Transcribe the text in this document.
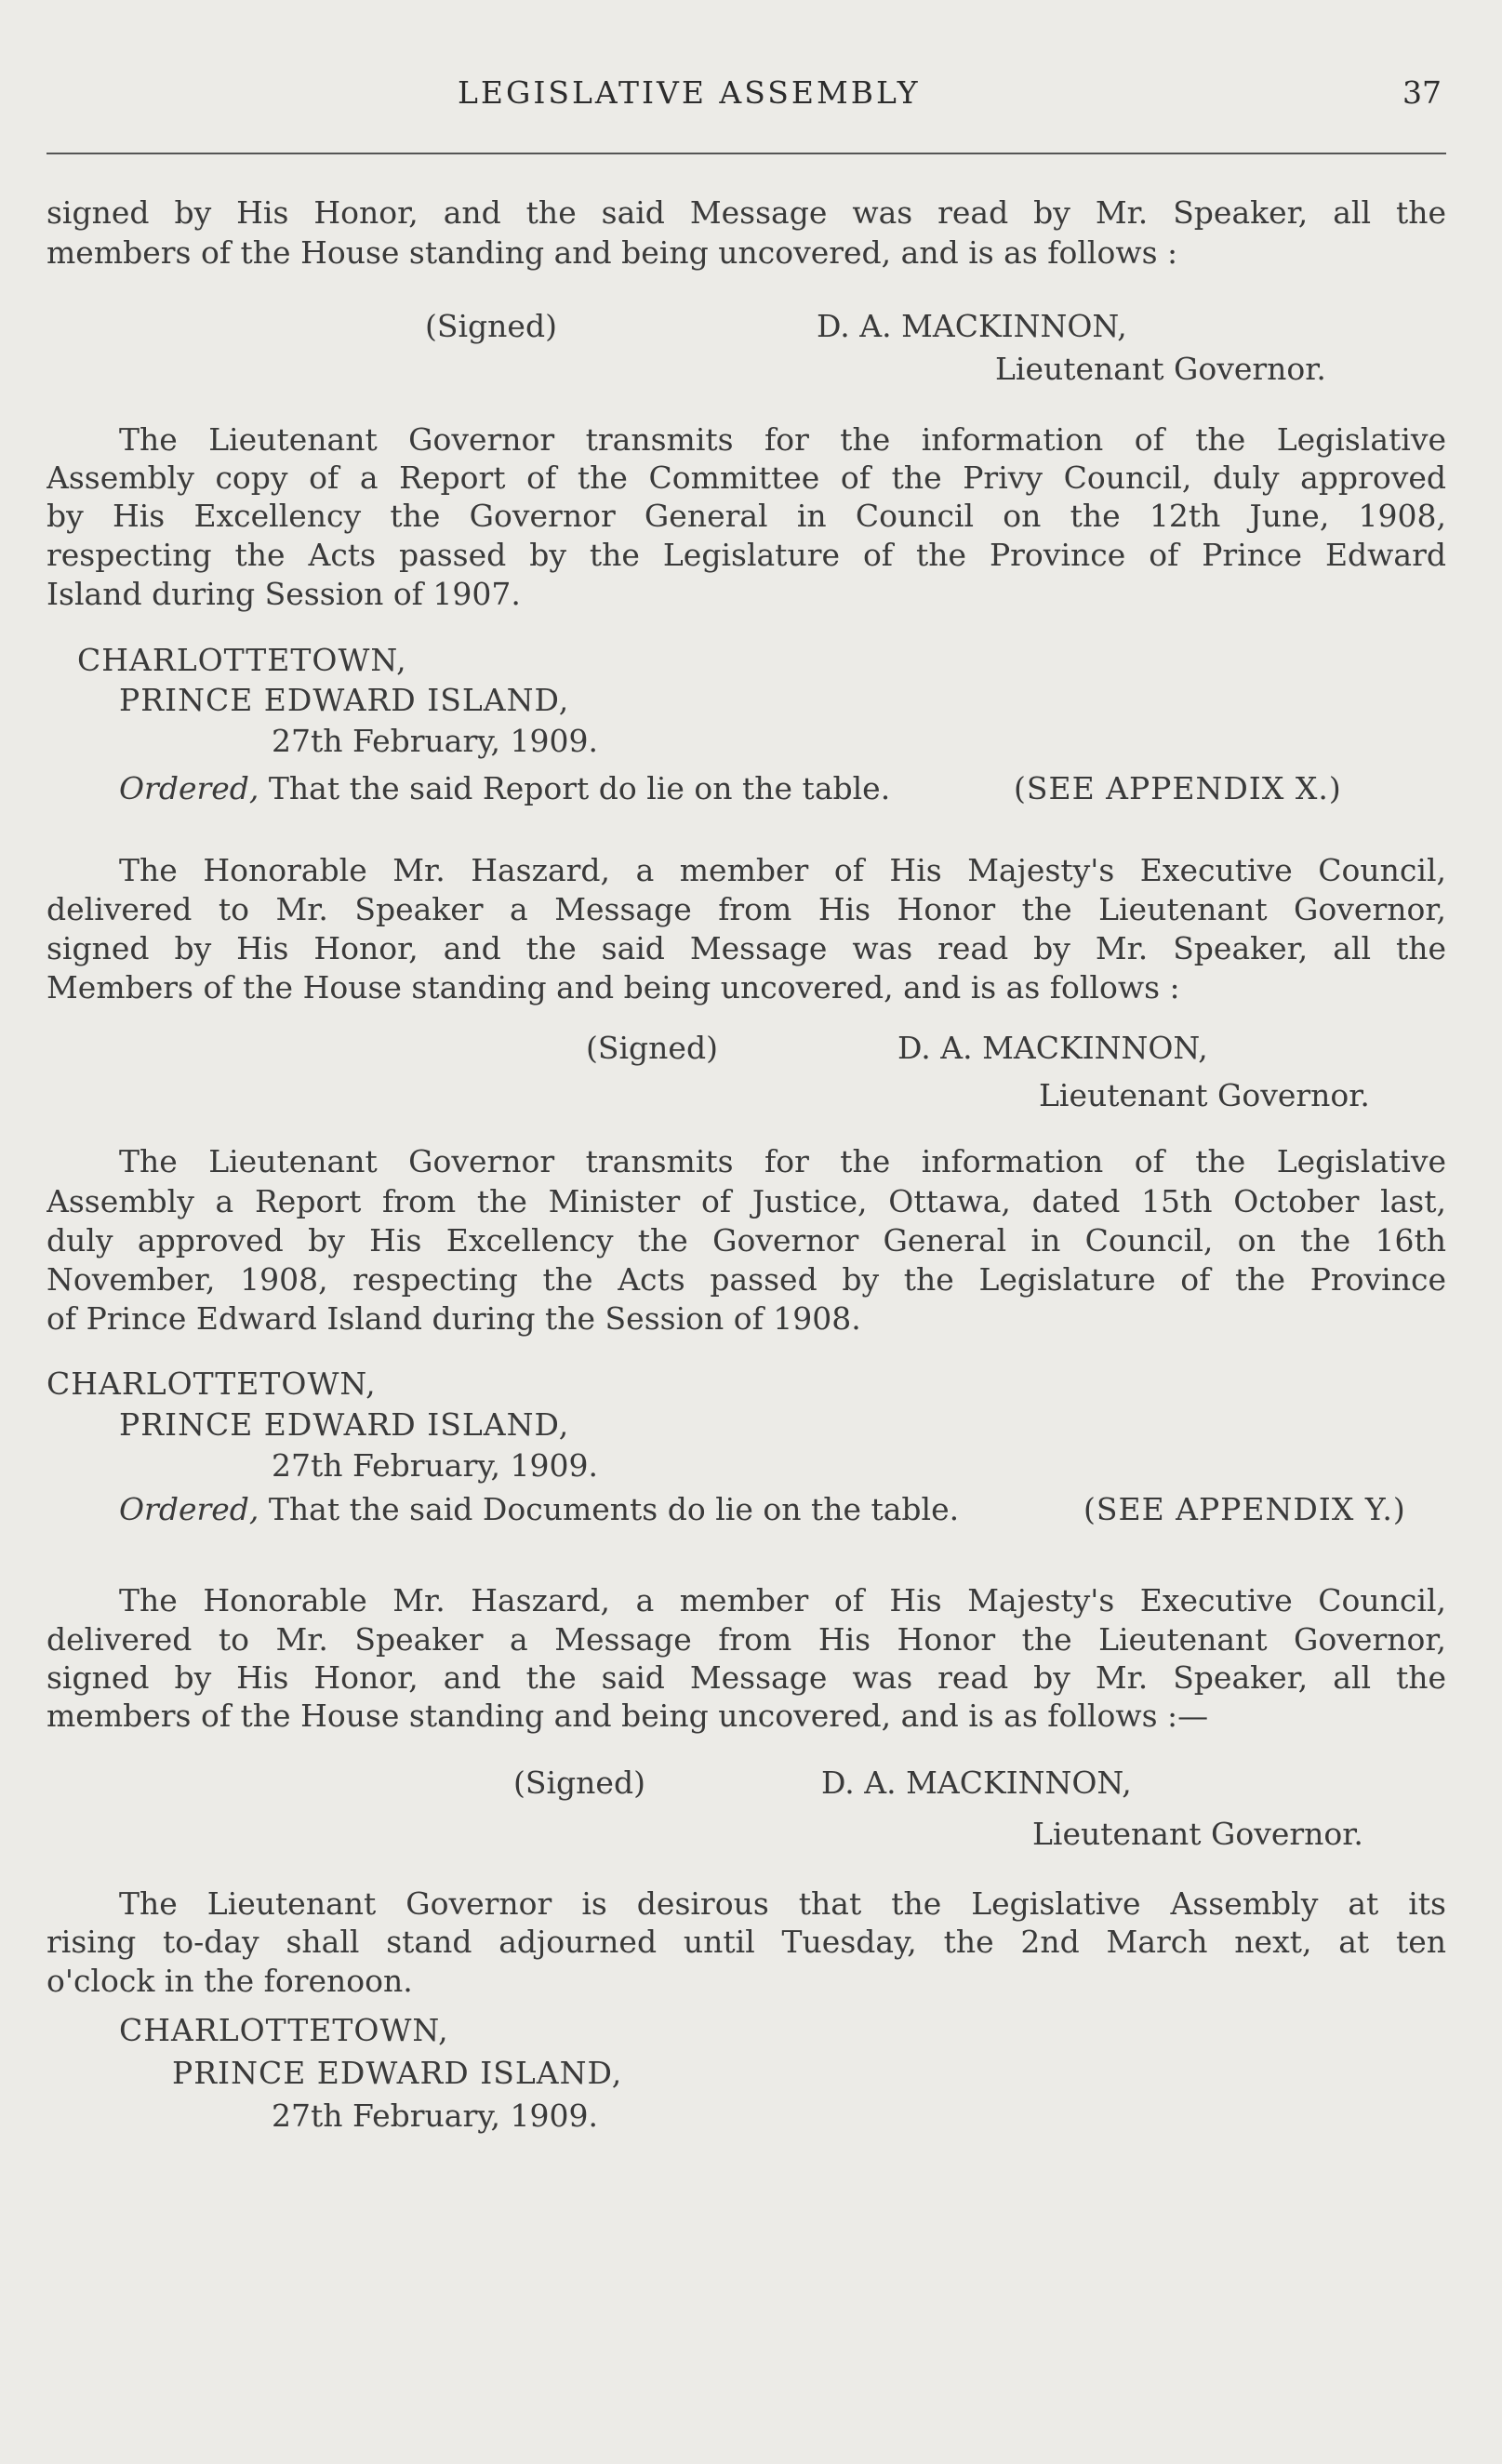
LEGISLATIVE ASSEMBLY	37
signed by His Honor, and the said Message was read by Mr. Speaker, all the
members of the House standing and being uncovered, and is as follows :
(Signed)	D. A. MACKINNON,
Lieutenant Governor.
The Lieutenant Governor transmits for the information of the Legislative
Assembly copy of a Report of the Committee of the Privy Council, duly approved
by His Excellency the Governor General in Council on the 12th June, 1908,
respecting the Acts passed by the Legislature of the Province of Prince Edward
Island during Session of 1907.
CHARLOTTETOWN,
PRINCE EDWARD ISLAND,
27th February, 1909.
Ordered, That the said Report do lie on the table.	(SEE APPENDIX X.)
The Honorable Mr. Haszard, a member of His Majesty's Executive Council,
delivered to Mr. Speaker a Message from His Honor the Lieutenant Governor,
signed by His Honor, and the said Message was read by Mr. Speaker, all the
Members of the House standing and being uncovered, and is as follows :
(Signed)	D. A. MACKINNON,
Lieutenant Governor.
The Lieutenant Governor transmits for the information of the Legislative
Assembly a Report from the Minister of Justice, Ottawa, dated 15th October last,
duly approved by His Excellency the Governor General in Council, on the 16th
November, 1908, respecting the Acts passed by the Legislature of the Province
of Prince Edward Island during the Session of 1908.
CHARLOTTETOWN,
PRINCE EDWARD ISLAND,
27th February, 1909.
Ordered, That the said Documents do lie on the table.	(SEE APPENDIX Y.)
The Honorable Mr. Haszard, a member of His Majesty's Executive Council,
delivered to Mr. Speaker a Message from His Honor the Lieutenant Governor,
signed by His Honor, and the said Message was read by Mr. Speaker, all the
members of the House standing and being uncovered, and is as follows :—
(Signed)	D. A. MACKINNON,
Lieutenant Governor.
The Lieutenant Governor is desirous that the Legislative Assembly at its
rising to-day shall stand adjourned until Tuesday, the 2nd March next, at ten
o'clock in the forenoon.
CHARLOTTETOWN,
PRINCE EDWARD ISLAND,
27th February, 1909.
